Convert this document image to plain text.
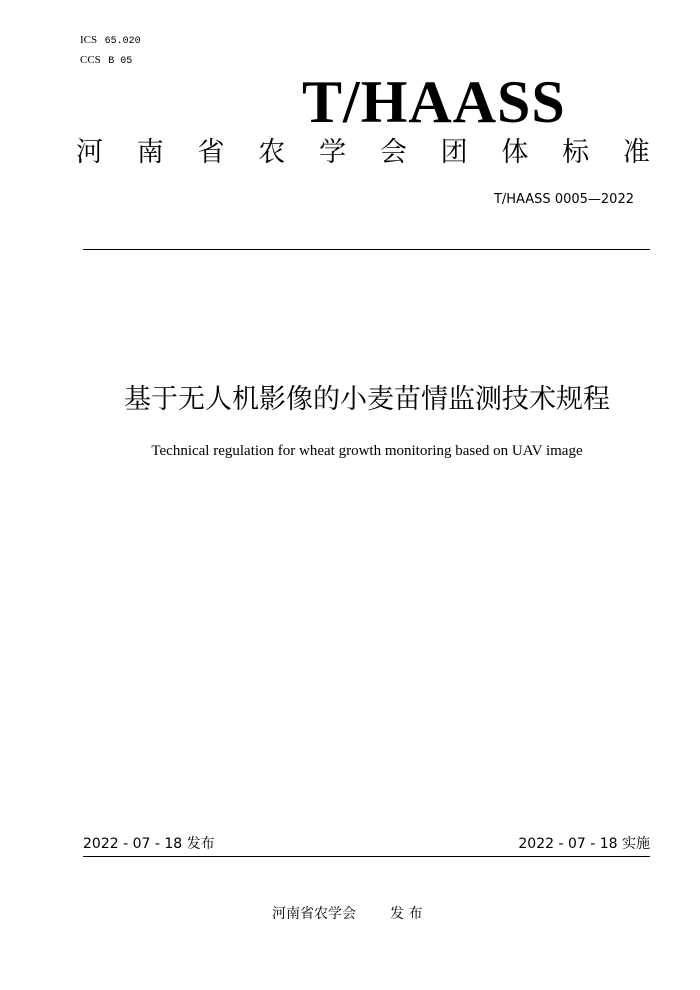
ICS 65.020
CCS B 05
T/HAASS
河 南 省 农 学 会 团 体 标 准
T/HAASS 0005—2022
基于无人机影像的小麦苗情监测技术规程
Technical regulation for wheat growth monitoring based on UAV image
2022 - 07 - 18 发布	2022 - 07 - 18 实施
河南省农学会 发 布
